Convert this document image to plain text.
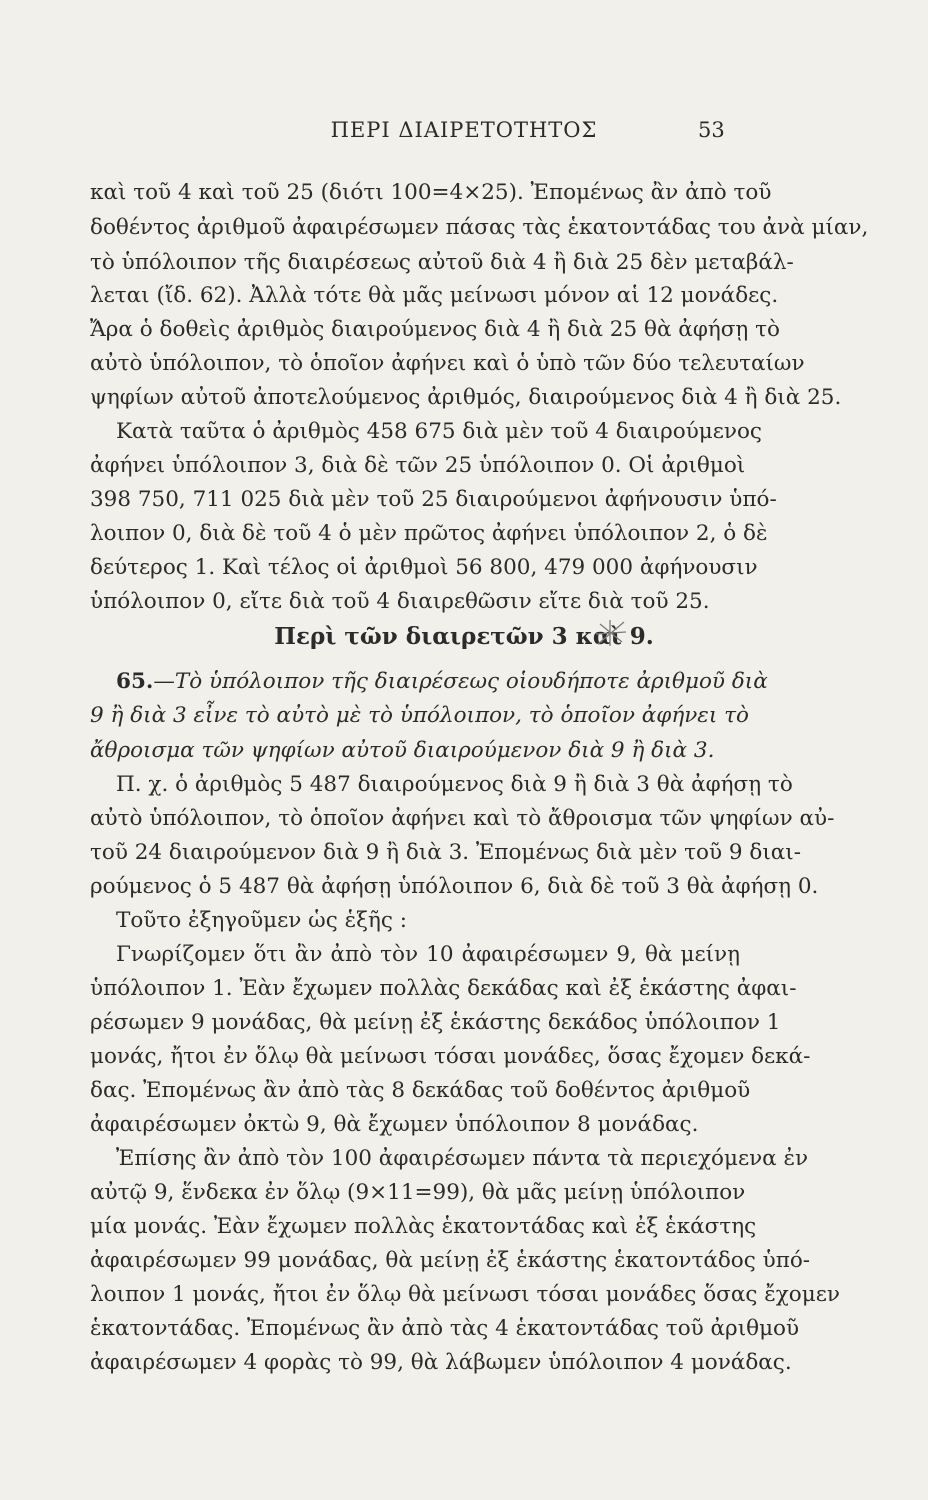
ΠΕΡΙ ΔΙΑΙΡΕΤΟΤΗΤΟΣ	53
καὶ τοῦ 4 καὶ τοῦ 25 (διότι 100=4×25). Ἐπομένως ἂν ἀπὸ τοῦ
δοθέντος ἀριθμοῦ ἀφαιρέσωμεν πάσας τὰς ἑκατοντάδας του ἀνὰ μίαν,
τὸ ὑπόλοιπον τῆς διαιρέσεως αὐτοῦ διὰ 4 ἢ διὰ 25 δὲν μεταβάλ-
λεται (ἴδ. 62). Ἀλλὰ τότε θὰ μᾶς μείνωσι μόνον αἱ 12 μονάδες.
Ἄρα ὁ δοθεὶς ἀριθμὸς διαιρούμενος διὰ 4 ἢ διὰ 25 θὰ ἀφήσῃ τὸ
αὐτὸ ὑπόλοιπον, τὸ ὁποῖον ἀφήνει καὶ ὁ ὑπὸ τῶν δύο τελευταίων
ψηφίων αὐτοῦ ἀποτελούμενος ἀριθμός, διαιρούμενος διὰ 4 ἢ διὰ 25.
Κατὰ ταῦτα ὁ ἀριθμὸς 458 675 διὰ μὲν τοῦ 4 διαιρούμενος
ἀφήνει ὑπόλοιπον 3, διὰ δὲ τῶν 25 ὑπόλοιπον 0. Οἱ ἀριθμοὶ
398 750, 711 025 διὰ μὲν τοῦ 25 διαιρούμενοι ἀφήνουσιν ὑπό-
λοιπον 0, διὰ δὲ τοῦ 4 ὁ μὲν πρῶτος ἀφήνει ὑπόλοιπον 2, ὁ δὲ
δεύτερος 1. Καὶ τέλος οἱ ἀριθμοὶ 56 800, 479 000 ἀφήνουσιν
ὑπόλοιπον 0, εἴτε διὰ τοῦ 4 διαιρεθῶσιν εἴτε διὰ τοῦ 25.
Περὶ τῶν διαιρετῶν 3 καὶ 9.
65.—Τὸ ὑπόλοιπον τῆς διαιρέσεως οἱουδήποτε ἀριθμοῦ διὰ
9 ἢ διὰ 3 εἶνε τὸ αὐτὸ μὲ τὸ ὑπόλοιπον, τὸ ὁποῖον ἀφήνει τὸ
ἄθροισμα τῶν ψηφίων αὐτοῦ διαιρούμενον διὰ 9 ἢ διὰ 3.
Π. χ. ὁ ἀριθμὸς 5 487 διαιρούμενος διὰ 9 ἢ διὰ 3 θὰ ἀφήσῃ τὸ
αὐτὸ ὑπόλοιπον, τὸ ὁποῖον ἀφήνει καὶ τὸ ἄθροισμα τῶν ψηφίων αὐ-
τοῦ 24 διαιρούμενον διὰ 9 ἢ διὰ 3. Ἐπομένως διὰ μὲν τοῦ 9 διαι-
ρούμενος ὁ 5 487 θὰ ἀφήσῃ ὑπόλοιπον 6, διὰ δὲ τοῦ 3 θὰ ἀφήσῃ 0.
Τοῦτο ἐξηγοῦμεν ὡς ἑξῆς :
Γνωρίζομεν ὅτι ἂν ἀπὸ τὸν 10 ἀφαιρέσωμεν 9, θὰ μείνῃ
ὑπόλοιπον 1. Ἐὰν ἔχωμεν πολλὰς δεκάδας καὶ ἐξ ἑκάστης ἀφαι-
ρέσωμεν 9 μονάδας, θὰ μείνῃ ἐξ ἑκάστης δεκάδος ὑπόλοιπον 1
μονάς, ἤτοι ἐν ὅλῳ θὰ μείνωσι τόσαι μονάδες, ὅσας ἔχομεν δεκά-
δας. Ἐπομένως ἂν ἀπὸ τὰς 8 δεκάδας τοῦ δοθέντος ἀριθμοῦ
ἀφαιρέσωμεν ὀκτὼ 9, θὰ ἔχωμεν ὑπόλοιπον 8 μονάδας.
Ἐπίσης ἂν ἀπὸ τὸν 100 ἀφαιρέσωμεν πάντα τὰ περιεχόμενα ἐν
αὐτῷ 9, ἕνδεκα ἐν ὅλῳ (9×11=99), θὰ μᾶς μείνῃ ὑπόλοιπον
μία μονάς. Ἐὰν ἔχωμεν πολλὰς ἑκατοντάδας καὶ ἐξ ἑκάστης
ἀφαιρέσωμεν 99 μονάδας, θὰ μείνῃ ἐξ ἑκάστης ἑκατοντάδος ὑπό-
λοιπον 1 μονάς, ἤτοι ἐν ὅλῳ θὰ μείνωσι τόσαι μονάδες ὅσας ἔχομεν
ἑκατοντάδας. Ἐπομένως ἂν ἀπὸ τὰς 4 ἑκατοντάδας τοῦ ἀριθμοῦ
ἀφαιρέσωμεν 4 φορὰς τὸ 99, θὰ λάβωμεν ὑπόλοιπον 4 μονάδας.
